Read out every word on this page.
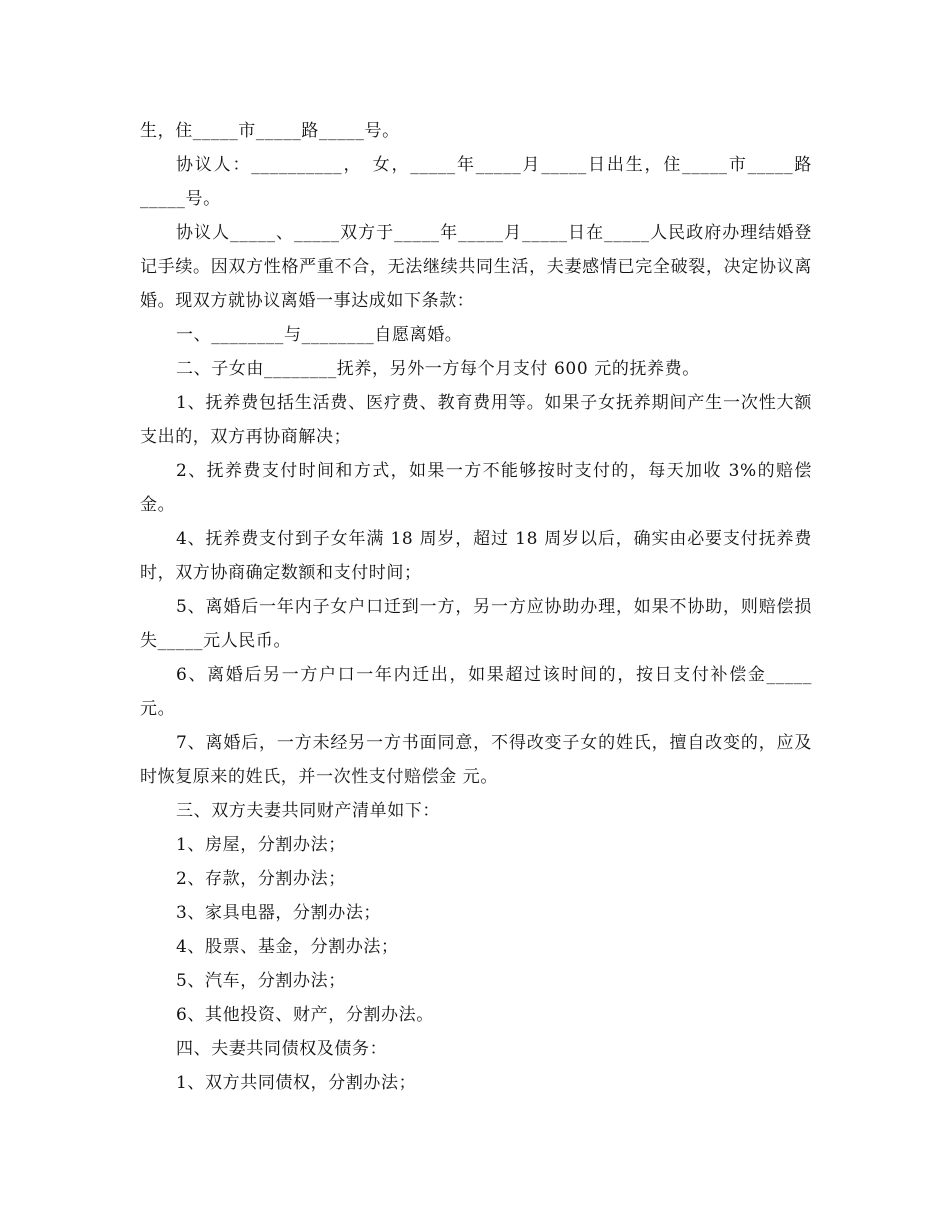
生，住_____市_____路_____号。

协议人：__________，　女，_____年_____月_____日出生，住_____市_____路_____号。

协议人_____、_____双方于_____年_____月_____日在_____人民政府办理结婚登记手续。因双方性格严重不合，无法继续共同生活，夫妻感情已完全破裂，决定协议离婚。现双方就协议离婚一事达成如下条款：

一、________与________自愿离婚。

二、子女由________抚养，另外一方每个月支付 600 元的抚养费。

1、抚养费包括生活费、医疗费、教育费用等。如果子女抚养期间产生一次性大额支出的，双方再协商解决；

2、抚养费支付时间和方式，如果一方不能够按时支付的，每天加收 3%的赔偿金。

4、抚养费支付到子女年满 18 周岁，超过 18 周岁以后，确实由必要支付抚养费时，双方协商确定数额和支付时间；

5、离婚后一年内子女户口迁到一方，另一方应协助办理，如果不协助，则赔偿损失_____元人民币。

6、离婚后另一方户口一年内迁出，如果超过该时间的，按日支付补偿金_____元。

7、离婚后，一方未经另一方书面同意，不得改变子女的姓氏，擅自改变的，应及时恢复原来的姓氏，并一次性支付赔偿金 元。

三、双方夫妻共同财产清单如下：

1、房屋，分割办法；

2、存款，分割办法；

3、家具电器，分割办法；

4、股票、基金，分割办法；

5、汽车，分割办法；

6、其他投资、财产，分割办法。

四、夫妻共同债权及债务：

1、双方共同债权，分割办法；
